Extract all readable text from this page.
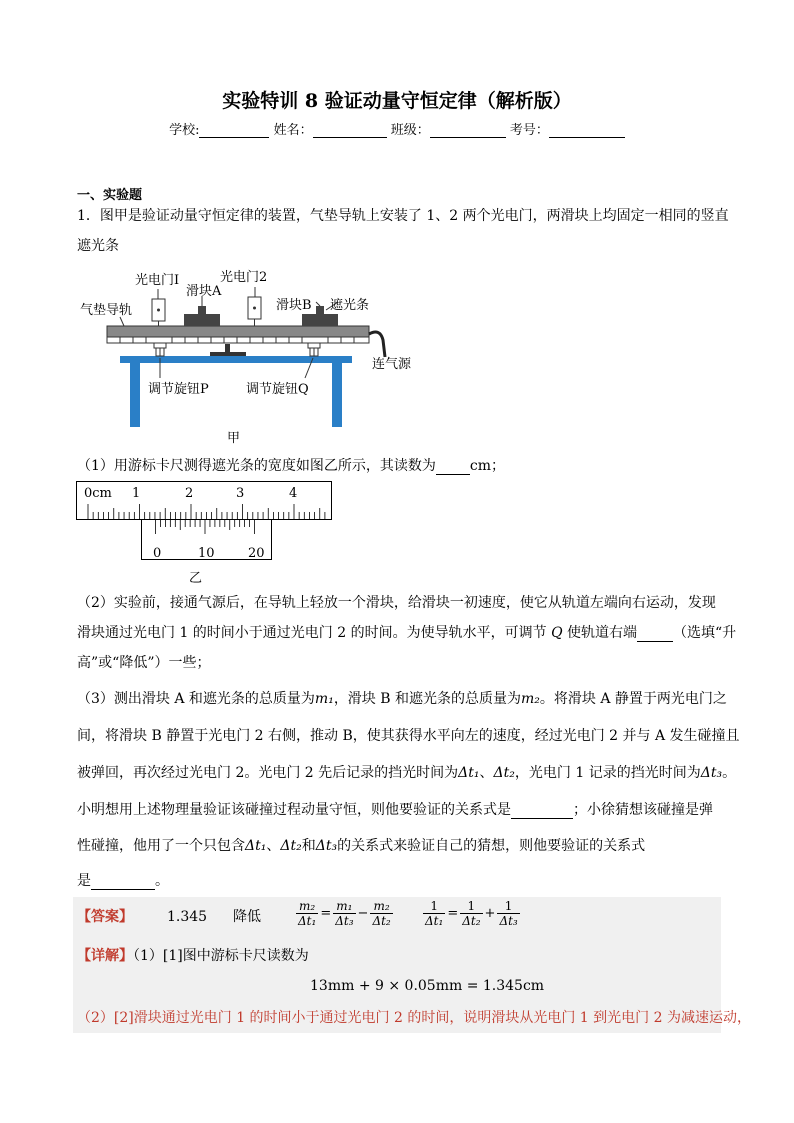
实验特训 8 验证动量守恒定律（解析版）
学校:	姓名：	班级：	考号：
一、实验题
1．图甲是验证动量守恒定律的装置，气垫导轨上安装了 1、2 两个光电门，两滑块上均固定一相同的竖直
遮光条
光电门I	光电门2
滑块A
滑块B 遮光条
气垫导轨
连气源
调节旋钮P	调节旋钮Q
甲
（1）用游标卡尺测得遮光条的宽度如图乙所示，其读数为 cm；
0cm 1	2	3	4
0	10	20
乙
（2）实验前，接通气源后，在导轨上轻放一个滑块，给滑块一初速度，使它从轨道左端向右运动，发现
滑块通过光电门 1 的时间小于通过光电门 2 的时间。为使导轨水平，可调节 Q 使轨道右端	（选填“升
高”或“降低”）一些；
（3）测出滑块 A 和遮光条的总质量为m₁，滑块 B 和遮光条的总质量为m₂。将滑块 A 静置于两光电门之
间，将滑块 B 静置于光电门 2 右侧，推动 B，使其获得水平向左的速度，经过光电门 2 并与 A 发生碰撞且
被弹回，再次经过光电门 2。光电门 2 先后记录的挡光时间为Δt₁、Δt₂，光电门 1 记录的挡光时间为Δt₃。
小明想用上述物理量验证该碰撞过程动量守恒，则他要验证的关系式是	；小徐猜想该碰撞是弹
性碰撞，他用了一个只包含Δt₁、Δt₂和Δt₃的关系式来验证自己的猜想，则他要验证的关系式
是	。
【答案】 1.345 降低	$\frac{\text{m₂}}{\text{Δt₁}} = \frac{\text{m₁}}{\text{Δt₃}} - \frac{\text{m₂}}{\text{Δt₂}}$	$\frac{1}{\text{Δt₁}} = \frac{1}{\text{Δt₂}} + \frac{1}{\text{Δt₃}}$
【详解】（1）[1]图中游标卡尺读数为
13mm + 9 × 0.05mm = 1.345cm
（2）[2]滑块通过光电门 1 的时间小于通过光电门 2 的时间，说明滑块从光电门 1 到光电门 2 为减速运动，
